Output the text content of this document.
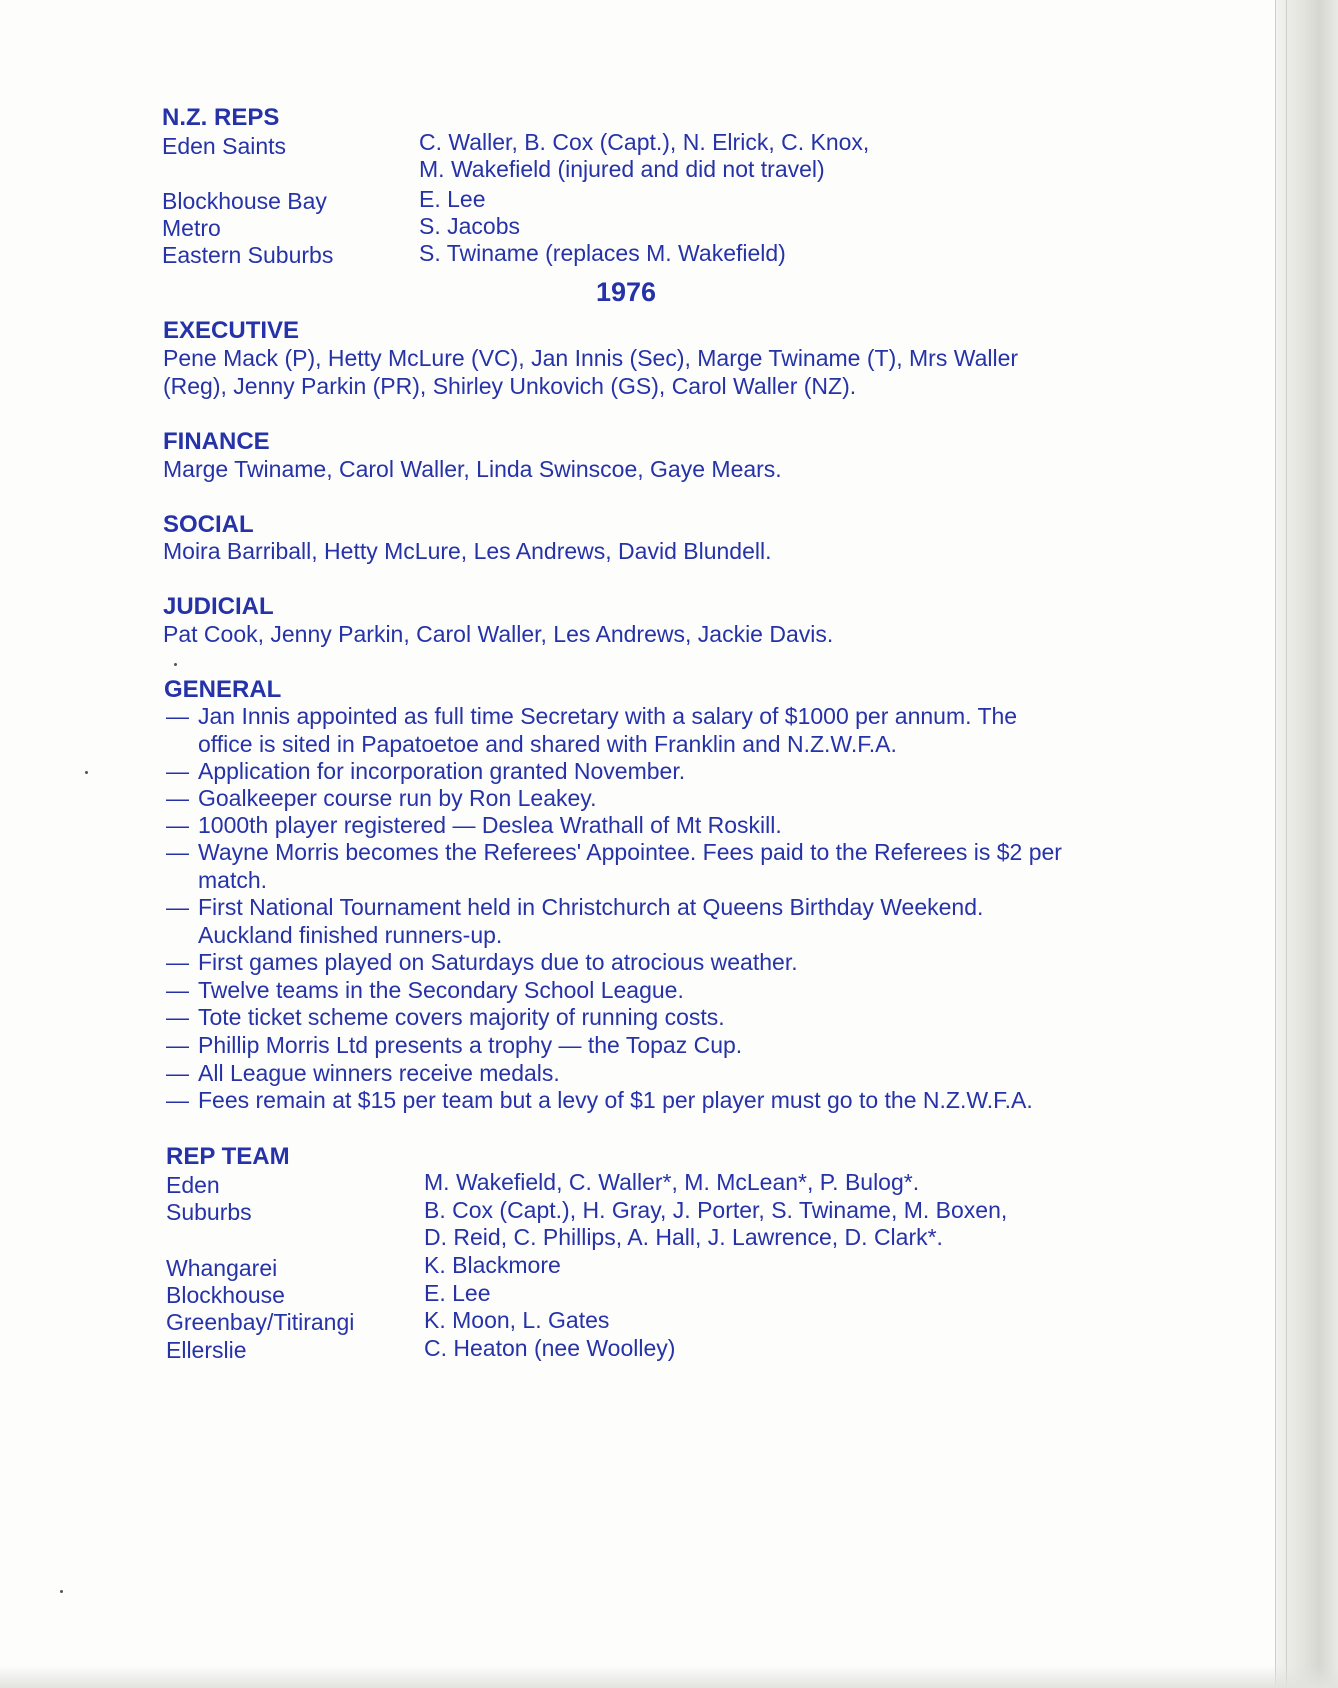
N.Z. REPS
Eden Saints	C. Waller, B. Cox (Capt.), N. Elrick, C. Knox,
M. Wakefield (injured and did not travel)
Blockhouse Bay	E. Lee
Metro	S. Jacobs
Eastern Suburbs	S. Twiname (replaces M. Wakefield)
1976
EXECUTIVE
Pene Mack (P), Hetty McLure (VC), Jan Innis (Sec), Marge Twiname (T), Mrs Waller
(Reg), Jenny Parkin (PR), Shirley Unkovich (GS), Carol Waller (NZ).
FINANCE
Marge Twiname, Carol Waller, Linda Swinscoe, Gaye Mears.
SOCIAL
Moira Barriball, Hetty McLure, Les Andrews, David Blundell.
JUDICIAL
Pat Cook, Jenny Parkin, Carol Waller, Les Andrews, Jackie Davis.
GENERAL
— Jan Innis appointed as full time Secretary with a salary of $1000 per annum. The
office is sited in Papatoetoe and shared with Franklin and N.Z.W.F.A.
— Application for incorporation granted November.
— Goalkeeper course run by Ron Leakey.
— 1000th player registered — Deslea Wrathall of Mt Roskill.
— Wayne Morris becomes the Referees' Appointee. Fees paid to the Referees is $2 per
match.
— First National Tournament held in Christchurch at Queens Birthday Weekend.
Auckland finished runners-up.
— First games played on Saturdays due to atrocious weather.
— Twelve teams in the Secondary School League.
— Tote ticket scheme covers majority of running costs.
— Phillip Morris Ltd presents a trophy — the Topaz Cup.
— All League winners receive medals.
— Fees remain at $15 per team but a levy of $1 per player must go to the N.Z.W.F.A.
REP TEAM
Eden	M. Wakefield, C. Waller*, M. McLean*, P. Bulog*.
Suburbs	B. Cox (Capt.), H. Gray, J. Porter, S. Twiname, M. Boxen,
D. Reid, C. Phillips, A. Hall, J. Lawrence, D. Clark*.
Whangarei	K. Blackmore
Blockhouse	E. Lee
Greenbay/Titirangi	K. Moon, L. Gates
Ellerslie	C. Heaton (nee Woolley)
